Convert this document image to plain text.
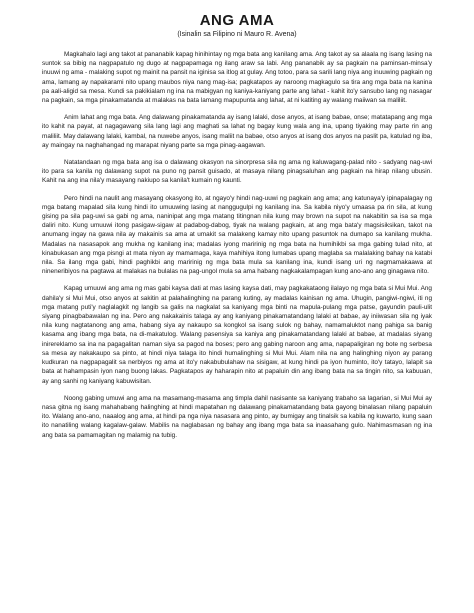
ANG AMA

(Isinalin sa Filipino ni Mauro R. Avena)

Magkahalo lagi ang takot at pananabik kapag hinihintay ng mga bata ang kanilang ama. Ang takot ay sa alaala ng isang lasing na suntok sa bibig na nagpapatulo ng dugo at nagpapamaga ng ilang araw sa labi. Ang pananabik ay sa pagkain na paminsan-minsa'y inuuwi ng ama - malaking supot ng mainit na pansit na iginisa sa itlog at gulay. Ang totoo, para sa sarili lang niya ang inuuwing pagkain ng ama, lamang ay napakarami nito upang maubos niya nang mag-isa; pagkatapos ay naroong magkagulo sa tira ang mga bata na kanina pa aali-aligid sa mesa. Kundi sa pakikialam ng ina na mabigyan ng kaniya-kaniyang parte ang lahat - kahit ito'y sansubo lang ng nasagar na pagkain, sa mga pinakamatanda at malakas na bata lamang mapupunta ang lahat, at ni katiting ay walang maiiwan sa maliliit.

Anim lahat ang mga bata. Ang dalawang pinakamatanda ay isang lalaki, dose anyos, at isang babae, onse; matatapang ang mga ito kahit na payat, at nagagawang sila lang lagi ang maghati sa lahat ng bagay kung wala ang ina, upang tiyaking may parte rin ang maliliit. May dalawang lalaki, kambal, na nuwebe anyos, isang maliit na babae, otso anyos at isang dos anyos na paslit pa, katulad ng iba, ay maingay na naghahangad ng marapat niyang parte sa mga pinag-aagawan.

Natatandaan ng mga bata ang isa o dalawang okasyon na sinorpresa sila ng ama ng kaluwagang-palad nito - sadyang nag-uwi ito para sa kanila ng dalawang supot na puno ng pansit guisado, at masaya nilang pinagsaluhan ang pagkain na hirap nilang ubusin. Kahit na ang ina nila'y masayang nakiupo sa kanila't kumain ng kaunti.

Pero hindi na naulit ang masayang okasyong ito, at ngayo'y hindi nag-uuwi ng pagkain ang ama; ang katunaya'y ipinapalagay ng mga batang mapalad sila kung hindi ito umuuwing lasing at nanggugulpi ng kanilang ina. Sa kabila niyo'y umaasa pa rin sila, at kung gising pa sila pag-uwi sa gabi ng ama, naninipat ang mga matang titingnan nila kung may brown na supot na nakabitin sa isa sa mga daliri nito. Kung umuuwi itong pasigaw-sigaw at padabog-dabog, tiyak na walang pagkain, at ang mga bata'y magsisiksikan, takot na anumang ingay na gawa nila ay makainis sa ama at umakit sa malakeng kamay nito upang pasuntok na dumapo sa kanilang mukha. Madalas na nasasapok ang mukha ng kanilang ina; madalas iyong maririnig ng mga bata na humihikbi sa mga gabing tulad nito, at kinabukasan ang mga pisngi at mata niyon ay mamamaga, kaya mahihiya itong lumabas upang maglaba sa malalaking bahay na katabi nila. Sa ilang mga gabi, hindi paghikbi ang maririnig ng mga bata mula sa kanilang ina, kundi isang uri ng nagmamakaawa at nineneribiyos na pagtawa at malakas na bulalas na pag-ungol mula sa ama habang nagkakalampagan kung ano-ano ang ginagawa nito.

Kapag umuuwi ang ama ng mas gabi kaysa dati at mas lasing kaysa dati, may pagkakataong ilalayo ng mga bata si Mui Mui. Ang dahila'y si Mui Mui, otso anyos at sakitin at palahalinghing na parang kuting, ay madalas kainisan ng ama. Uhugin, pangiwi-ngiwi, iti ng mga matang puti'y naglalagkit ng langib sa galis na nagkalat sa kaniyang mga binti na mapula-pulang mga patse, gayundin pauli-ulit siyang pinagbabawalan ng ina. Pero ang nakakainis talaga ay ang kaniyang pinakamatandang lalaki at babae, ay iniiwasan sila ng iyak nila kung nagtatanong ang ama, habang siya ay nakaupo sa kongkol sa isang sulok ng bahay, namamaluktot nang pahiga sa banig kasama ang ibang mga bata, na di-makatulog. Walang pasensiya sa kaniya ang pinakamatandang lalaki at babae, at madalas siyang inirereklamo sa ina na pagagalitan naman siya sa pagod na boses; pero ang gabing naroon ang ama, napapaligiran ng bote ng serbesa sa mesa ay nakakaupo sa pinto, at hindi niya talaga ito hindi humalinghing si Mui Mui. Alam nila na ang halinghing niyon ay parang kudkuran na nagpapagalit sa nerbiyos ng ama at ito'y nakabubulahaw na sisigaw, at kung hindi pa iyon huminto, ito'y tatayo, lalapit sa bata at hahampasin iyon nang buong lakas. Pagkatapos ay haharapin nito at papaluin din ang ibang bata na sa tingin nito, sa kabuuan, ay ang sanhi ng kaniyang kabuwisitan.

Noong gabing umuwi ang ama na masamang-masama ang timpla dahil nasisante sa kaniyang trabaho sa lagarian, si Mui Mui ay nasa gitna ng isang mahahabang halinghing at hindi mapatahan ng dalawang pinakamatandang bata gayong binalasan nilang papaluin ito. Walang ano-ano, naaalog ang ama, at hindi pa nga niya nasasara ang pinto, ay bumigay ang tinalsik sa kabila ng kuwarto, kung saan ito nanatiling walang kagalaw-galaw. Mabilis na naglabasan ng bahay ang ibang mga bata sa inaasahang gulo. Nahimasmasan ng ina ang bata sa pamamagitan ng malamig na tubig.
